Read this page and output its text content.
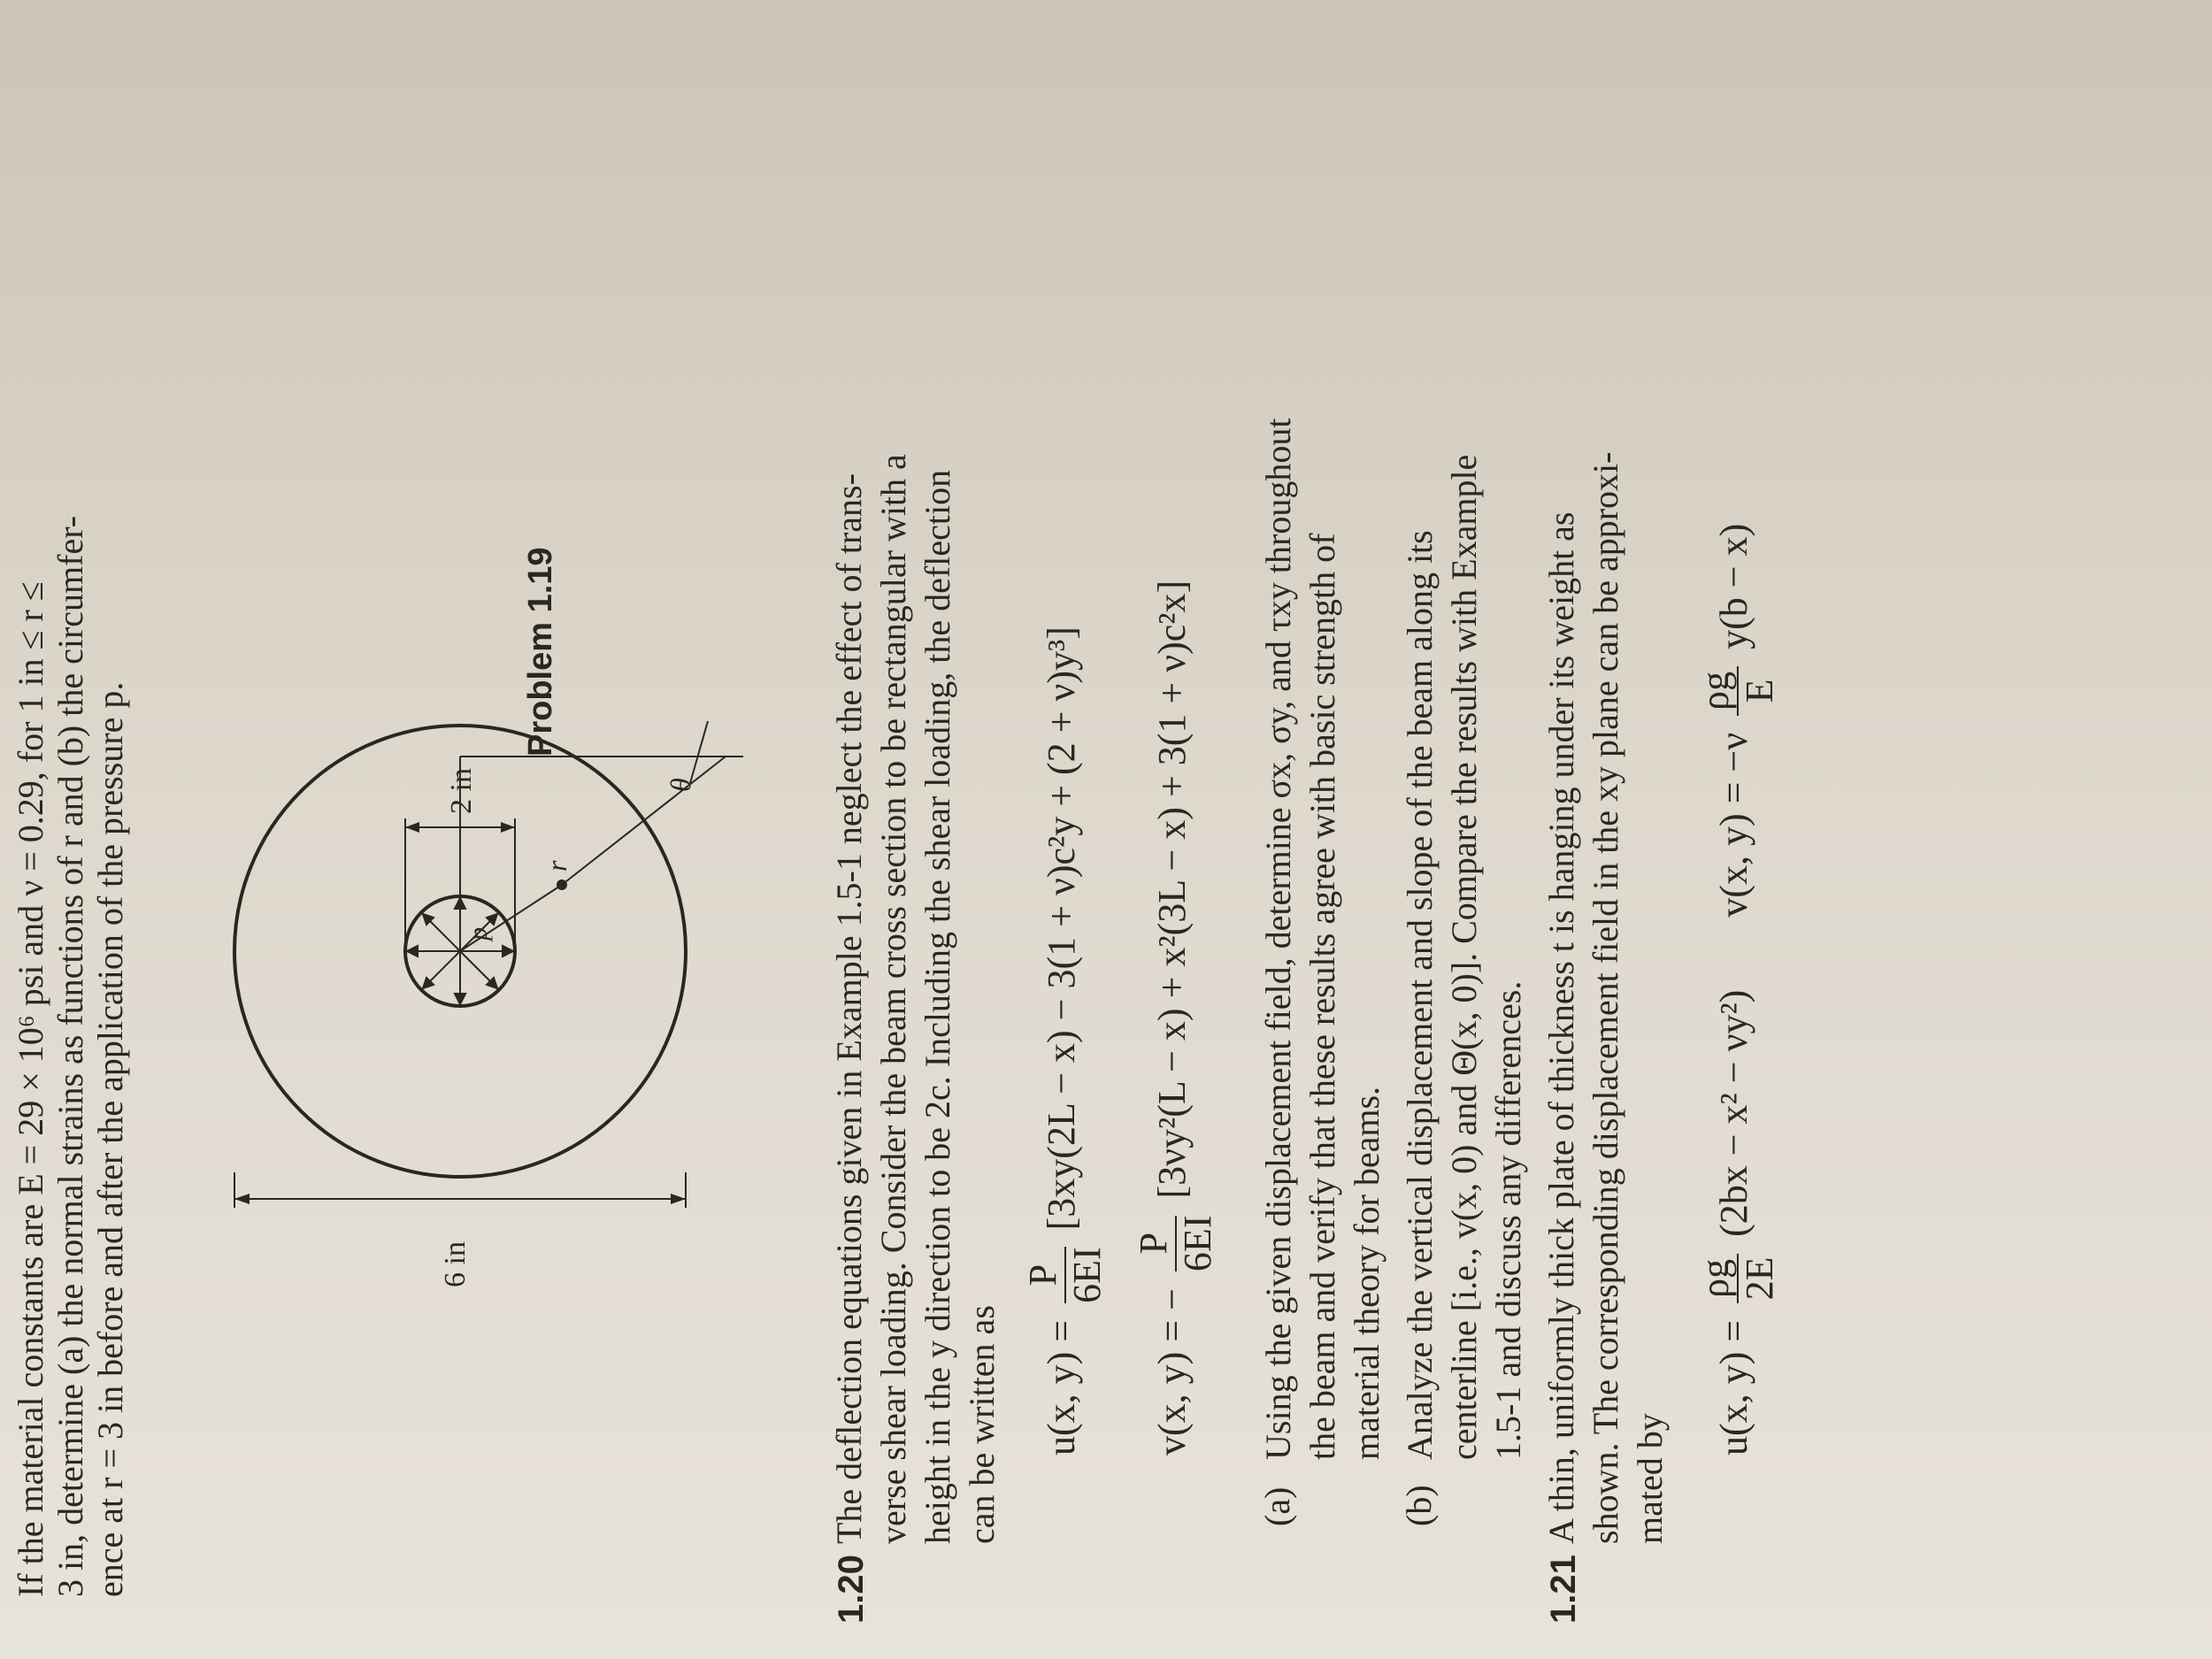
If the material constants are E = 29 × 10⁶ psi and ν = 0.29, for 1 in ≤ r ≤ 3 in, determine (a) the normal strains as functions of r and (b) the circumfer- ence at r = 3 in before and after the application of the pressure p.	p
6 in
2 in
r
θ
Problem 1.19
1.20
The deflection equations given in Example 1.5-1 neglect the effect of trans- verse shear loading. Consider the beam cross section to be rectangular with a height in the y direction to be 2c. Including the shear loading, the deflection can be written as u(x, y) =
P 6EI
[3xy(2L − x) − 3(1 + ν)c²y + (2 + ν)y³]
v(x, y) = −
P 6EI
[3νy²(L − x) + x²(3L − x) + 3(1 + ν)c²x]
(a)
Using the given displacement field, determine σx, σy, and τxy throughout the beam and verify that these results agree with basic strength of material theory for beams.
(b)
Analyze the vertical displacement and slope of the beam along its centerline [i.e., v(x, 0) and Θ(x, 0)]. Compare the results with Example 1.5-1 and discuss any differences.
1.21
A thin, uniformly thick plate of thickness t is hanging under its weight as shown. The corresponding displacement field in the xy plane can be approxi- mated by
u(x, y) =
ρg 2E
(2bx − x² − νy²)  v(x, y) = −ν
ρg E
y(b − x)
